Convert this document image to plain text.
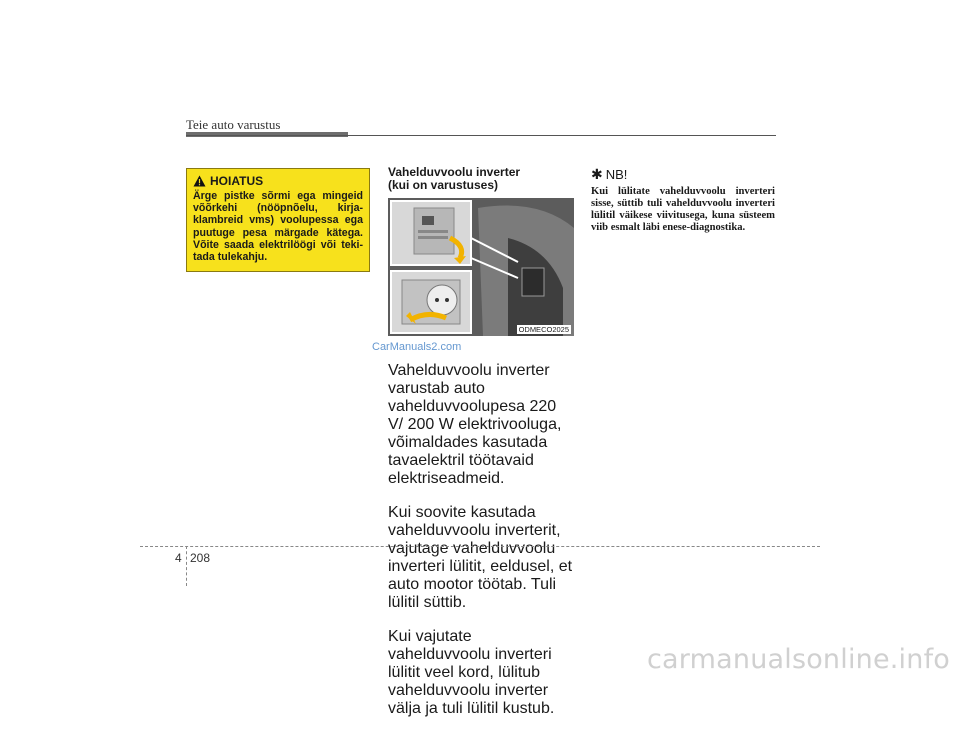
Teie auto varustus
HOIATUS
Ärge pistke sõrmi ega mingeid võõrkehi (nööpnõelu, kirja-klambreid vms) voolupessa ega puutuge pesa märgade kätega. Võite saada elektrilöögi või teki-tada tulekahju.
Vahelduvvoolu inverter
(kui on varustuses)
ODMECO2025
CarManuals2.com

Vahelduvvoolu inverter varustab auto vahelduvvoolupesa 220 V/ 200 W elektrivooluga, võimaldades kasutada tavaelektril töötavaid elektriseadmeid.

Kui soovite kasutada vahelduvvoolu inverterit, vajutage vahelduvvoolu inverteri lülitit, eeldusel, et auto mootor töötab. Tuli lülitil süttib.

Kui vajutate vahelduvvoolu inverteri lülitit veel kord, lülitub vahelduvvoolu inverter välja ja tuli lülitil kustub.

✱ NB!

Kui lülitate vahelduvvoolu inverteri sisse, süttib tuli vahelduvvoolu inverteri lülitil väikese viivitusega, kuna süsteem viib esmalt läbi enese-diagnostika.

4 208
carmanualsonline.info
